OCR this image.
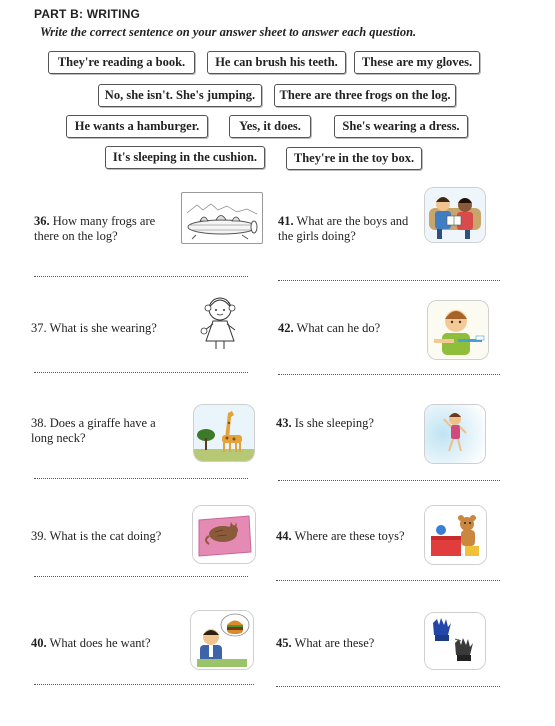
PART B: WRITING
Write the correct sentence on your answer sheet to answer each question.
They're reading a book.	He can brush his teeth.	These are my gloves.
No, she isn't. She's jumping.	There are three frogs on the log.
He wants a hamburger.	Yes, it does.	She's wearing a dress.
It's sleeping in the cushion.	They're in the toy box.
36. How many frogs are there on the log?
41. What are the boys and the girls doing?
37. What is she wearing?	42. What can he do?
38. Does a giraffe have a long neck?
43. Is she sleeping?
39. What is the cat doing?	44. Where are these toys?
40. What does he want?	45. What are these?
